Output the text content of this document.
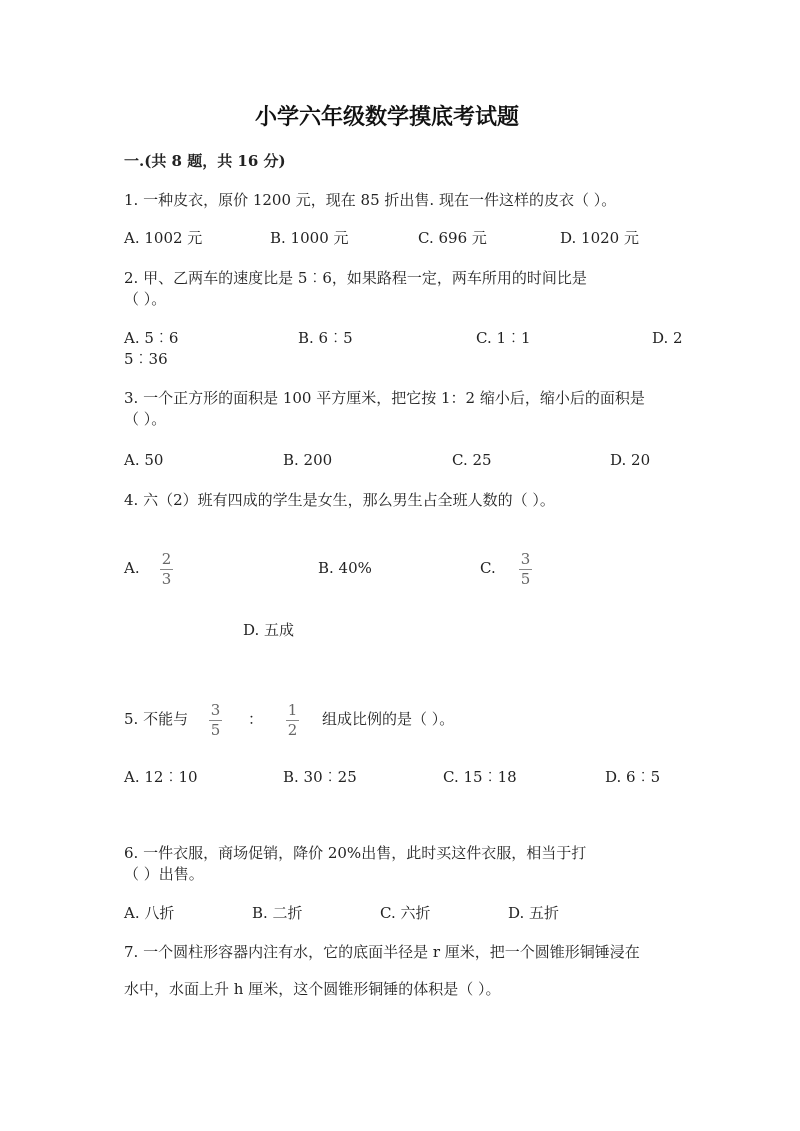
小学六年级数学摸底考试题
一.(共 8 题，共 16 分)
1. 一种皮衣，原价 1200 元，现在 85 折出售. 现在一件这样的皮衣（ ）。
A. 1002 元	B. 1000 元	C. 696 元	D. 1020 元
2. 甲、乙两车的速度比是 5︰6，如果路程一定，两车所用的时间比是
（ ）。
A. 5︰6	B. 6︰5	C. 1︰1	D. 2
5︰36
3. 一个正方形的面积是 100 平方厘米，把它按 1：2 缩小后，缩小后的面积是
（ ）。
A. 50	B. 200	C. 25	D. 20
4. 六（2）班有四成的学生是女生，那么男生占全班人数的（ ）。
A. 2
3
B. 40%	C. 3
5
D. 五成
5. 不能与 3
5
： 1
2
组成比例的是（ ）。
A. 12︰10	B. 30︰25	C. 15︰18	D. 6︰5
6. 一件衣服，商场促销，降价 20%出售，此时买这件衣服，相当于打
（ ）出售。
A. 八折	B. 二折	C. 六折	D. 五折
7. 一个圆柱形容器内注有水，它的底面半径是 r 厘米，把一个圆锥形铜锤浸在
水中，水面上升 h 厘米，这个圆锥形铜锤的体积是（ ）。
